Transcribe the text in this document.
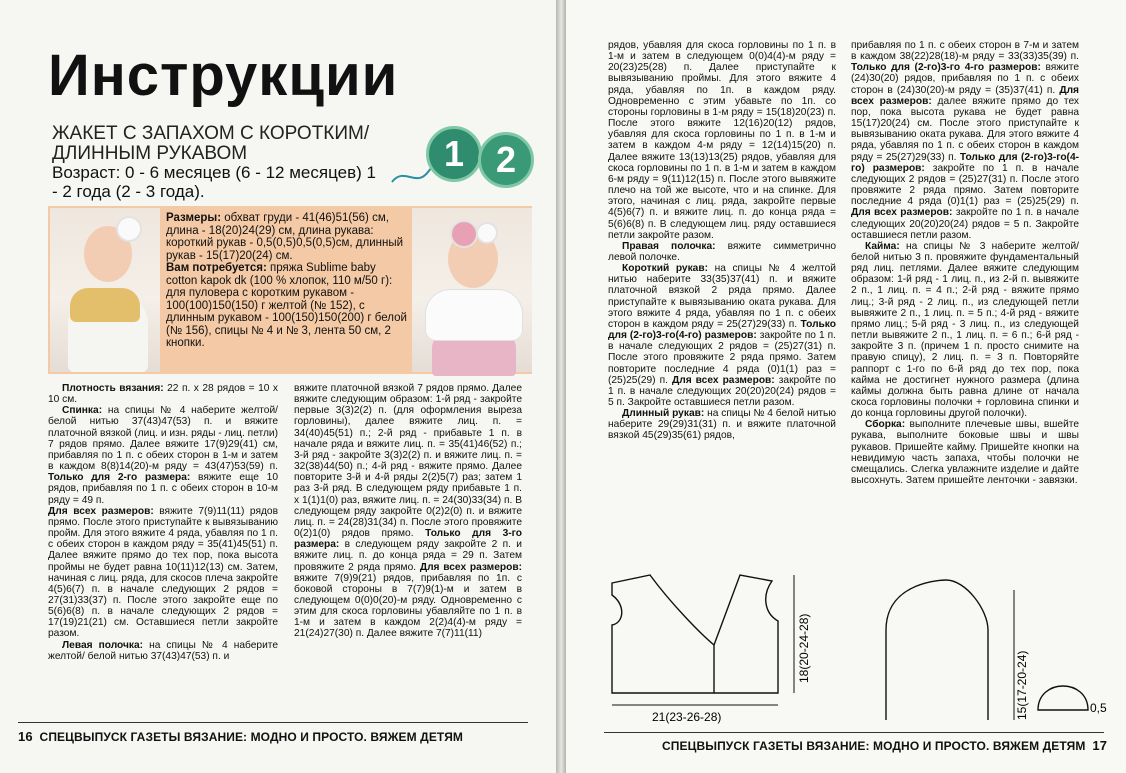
Инструкции
ЖАКЕТ С ЗАПАХОМ С КОРОТКИМ/ ДЛИННЫМ РУКАВОМ
Возраст: 0 - 6 месяцев (6 - 12 месяцев) 1 - 2 года (2 - 3 года).
1 2
Размеры: обхват груди - 41(46)51(56) см, длина - 18(20)24(29) см, длина рукава: короткий рукав - 0,5(0,5)0,5(0,5)см, длинный рукав - 15(17)20(24) см.
Вам потребуется: пряжа Sublime baby cotton kapok dk (100 % хлопок, 110 м/50 г): для пуловера с коротким рукавом - 100(100)150(150) г желтой (№ 152), с длинным рукавом - 100(150)150(200) г белой (№ 156), спицы № 4 и № 3, лента 50 см, 2 кнопки.

Плотность вязания: 22 п. х 28 рядов = 10 х 10 см.

Спинка: на спицы № 4 наберите желтой/белой нитью 37(43)47(53) п. и вяжите платочной вязкой (лиц. и изн. ряды - лиц. петли) 7 рядов прямо. Далее вяжите 17(9)29(41) см, прибавляя по 1 п. с обеих сторон в 1-м и затем в каждом 8(8)14(20)-м ряду = 43(47)53(59) п. Только для 2-го размера: вяжите еще 10 рядов, прибавляя по 1 п. с обеих сторон в 10-м ряду = 49 п.

Для всех размеров: вяжите 7(9)11(11) рядов прямо. После этого приступайте к вывязыванию пройм. Для этого вяжите 4 ряда, убавляя по 1 п. с обеих сторон в каждом ряду = 35(41)45(51) п. Далее вяжите прямо до тех пор, пока высота проймы не будет равна 10(11)12(13) см. Затем, начиная с лиц. ряда, для скосов плеча закройте 4(5)6(7) п. в начале следующих 2 рядов = 27(31)33(37) п. После этого закройте еще по 5(6)6(8) п. в начале следующих 2 рядов = 17(19)21(21) см. Оставшиеся петли закройте разом.

Левая полочка: на спицы № 4 наберите желтой/ белой нитью 37(43)47(53) п. и

вяжите платочной вязкой 7 рядов прямо. Далее вяжите следующим образом: 1-й ряд - закройте первые 3(3)2(2) п. (для оформления выреза горловины), далее вяжите лиц. п. = 34(40)45(51) п.; 2-й ряд - прибавьте 1 п. в начале ряда и вяжите лиц. п. = 35(41)46(52) п.; 3-й ряд - закройте 3(3)2(2) п. и вяжите лиц. п. = 32(38)44(50) п.; 4-й ряд - вяжите прямо. Далее повторите 3-й и 4-й ряды 2(2)5(7) раз; затем 1 раз 3-й ряд. В следующем ряду прибавьте 1 п. х 1(1)1(0) раз, вяжите лиц. п. = 24(30)33(34) п. В следующем ряду закройте 0(2)2(0) п. и вяжите лиц. п. = 24(28)31(34) п. После этого провяжите 0(2)1(0) рядов прямо. Только для 3-го размера: в следующем ряду закройте 2 п. и вяжите лиц. п. до конца ряда = 29 п. Затем провяжите 2 ряда прямо. Для всех размеров: вяжите 7(9)9(21) рядов, прибавляя по 1п. с боковой стороны в 7(7)9(1)-м и затем в следующем 0(0)0(20)-м ряду. Одновременно с этим для скоса горловины убавляйте по 1 п. в 1-м и затем в каждом 2(2)4(4)-м ряду = 21(24)27(30) п. Далее вяжите 7(7)11(11)

16 СПЕЦВЫПУСК ГАЗЕТЫ ВЯЗАНИЕ: МОДНО И ПРОСТО. ВЯЖЕМ ДЕТЯМ

рядов, убавляя для скоса горловины по 1 п. в 1-м и затем в следующем 0(0)4(4)-м ряду = 20(23)25(28) п. Далее приступайте к вывязыванию проймы. Для этого вяжите 4 ряда, убавляя по 1п. в каждом ряду. Одновременно с этим убавьте по 1п. со стороны горловины в 1-м ряду = 15(18)20(23) п. После этого вяжите 12(16)20(12) рядов, убавляя для скоса горловины по 1 п. в 1-м и затем в каждом 4-м ряду = 12(14)15(20) п. Далее вяжите 13(13)13(25) рядов, убавляя для скоса горловины по 1 п. в 1-м и затем в каждом 6-м ряду = 9(11)12(15) п. После этого вывяжите плечо на той же высоте, что и на спинке. Для этого, начиная с лиц. ряда, закройте первые 4(5)6(7) п. и вяжите лиц. п. до конца ряда = 5(6)6(8) п. В следующем лиц. ряду оставшиеся петли закройте разом.

Правая полочка: вяжите симметрично левой полочке.

Короткий рукав: на спицы № 4 желтой нитью наберите 33(35)37(41) п. и вяжите платочной вязкой 2 ряда прямо. Далее приступайте к вывязыванию оката рукава. Для этого вяжите 4 ряда, убавляя по 1 п. с обеих сторон в каждом ряду = 25(27)29(33) п. Только для (2-го)3-го(4-го) размеров: закройте по 1 п. в начале следующих 2 рядов = (25)27(31) п. После этого провяжите 2 ряда прямо. Затем повторите последние 4 ряда (0)1(1) раз = (25)25(29) п. Для всех размеров: закройте по 1 п. в начале следующих 20(20)20(24) рядов = 5 п. Закройте оставшиеся петли разом.

Длинный рукав: на спицы № 4 белой нитью наберите 29(29)31(31) п. и вяжите платочной вязкой 45(29)35(61) рядов,

прибавляя по 1 п. с обеих сторон в 7-м и затем в каждом 38(22)28(18)-м ряду = 33(33)35(39) п. Только для (2-го)3-го 4-го размеров: вяжите (24)30(20) рядов, прибавляя по 1 п. с обеих сторон в (24)30(20)-м ряду = (35)37(41) п. Для всех размеров: далее вяжите прямо до тех пор, пока высота рукава не будет равна 15(17)20(24) см. После этого приступайте к вывязыванию оката рукава. Для этого вяжите 4 ряда, убавляя по 1 п. с обеих сторон в каждом ряду = 25(27)29(33) п. Только для (2-го)3-го(4-го) размеров: закройте по 1 п. в начале следующих 2 рядов = (25)27(31) п. После этого провяжите 2 ряда прямо. Затем повторите последние 4 ряда (0)1(1) раз = (25)25(29) п. Для всех размеров: закройте по 1 п. в начале следующих 20(20)20(24) рядов = 5 п. Закройте оставшиеся петли разом.

Кайма: на спицы № 3 наберите желтой/белой нитью 3 п. провяжите фундаментальный ряд лиц. петлями. Далее вяжите следующим образом: 1-й ряд - 1 лиц. п., из 2-й п. вывяжите 2 п., 1 лиц. п. = 4 п.; 2-й ряд - вяжите прямо лиц.; 3-й ряд - 2 лиц. п., из следующей петли вывяжите 2 п., 1 лиц. п. = 5 п.; 4-й ряд - вяжите прямо лиц.; 5-й ряд - 3 лиц. п., из следующей петли вывяжите 2 п., 1 лиц. п. = 6 п.; 6-й ряд - закройте 3 п. (причем 1 п. просто снимите на правую спицу), 2 лиц. п. = 3 п. Повторяйте раппорт с 1-го по 6-й ряд до тех пор, пока кайма не достигнет нужного размера (длина каймы должна быть равна длине от начала скоса горловины полочки + горловина спинки и до конца горловины другой полочки).

Сборка: выполните плечевые швы, вшейте рукава, выполните боковые швы и швы рукавов. Пришейте кайму. Пришейте кнопки на невидимую часть запаха, чтобы полочки не смещались. Слегка увлажните изделие и дайте высохнуть. Затем пришейте ленточки - завязки.

21(23-26-28)
18(20-24-28)
15(17-20-24)	0,5
СПЕЦВЫПУСК ГАЗЕТЫ ВЯЗАНИЕ: МОДНО И ПРОСТО. ВЯЖЕМ ДЕТЯМ 17
